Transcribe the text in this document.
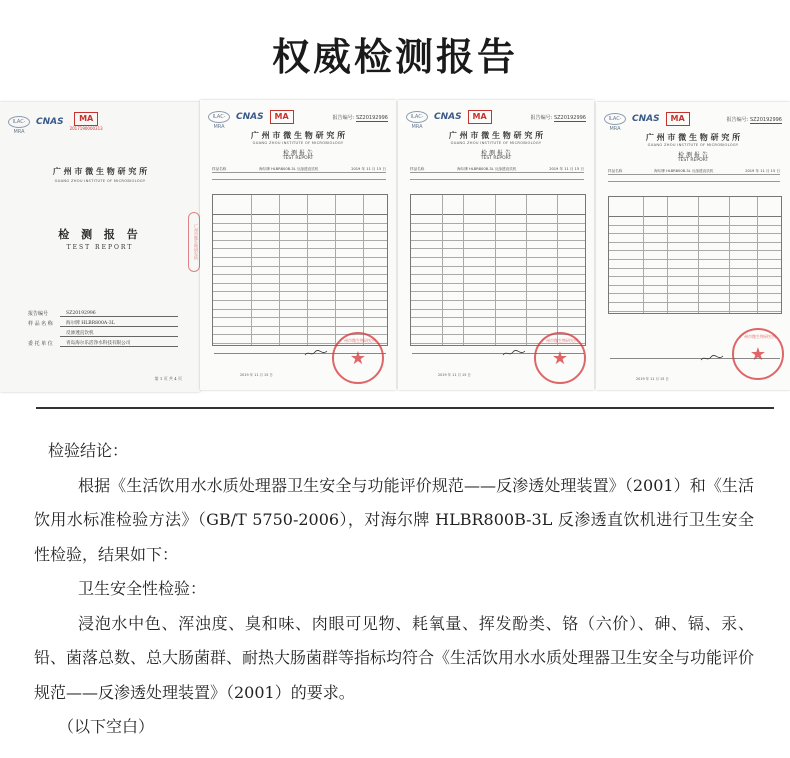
权威检测报告
ILAC-MRA
CNAS	MA
2017190000313
广 州 市 微 生 物 研 究 所
GUANG ZHOU INSTITUTE OF MICROBIOLOGY
检 测 报 告
TEST REPORT
报告编号	SZ20192996
样 品 名 称	海尔牌 HLBR800A-3L
反渗透直饮机
委 托 单 位	青岛海尔乐活净水科技有限公司
第 1 页 共 4 页
广州市微生物研究所
ILAC-MRA
CNAS	MA	报告编号: SZ20192996
广 州 市 微 生 物 研 究 所
GUANG ZHOU INSTITUTE OF MICROBIOLOGY
检 测 报 告
TEST REPORT
样品名称	海尔牌 HLBR800B-3L 反渗透直饮机	2019 年 11 月 15 日

2019 年 11 月 15 日
广州市微生物研究所
★
ILAC-MRA
CNAS	MA	报告编号: SZ20192996
广 州 市 微 生 物 研 究 所
GUANG ZHOU INSTITUTE OF MICROBIOLOGY
检 测 报 告
TEST REPORT
样品名称	海尔牌 HLBR800B-3L 反渗透直饮机	2019 年 11 月 15 日

2019 年 11 月 15 日
广州市微生物研究所
★
ILAC-MRA
CNAS	MA	报告编号: SZ20192996
广 州 市 微 生 物 研 究 所
GUANG ZHOU INSTITUTE OF MICROBIOLOGY
检 测 报 告
TEST REPORT
样品名称	海尔牌 HLBR800B-3L 反渗透直饮机	2019 年 11 月 15 日

2019 年 11 月 15 日
广州市微生物研究所
★

检验结论：

根据《生活饮用水水质处理器卫生安全与功能评价规范——反渗透处理装置》（2001）和《生活饮用水标准检验方法》（GB/T 5750-2006），对海尔牌 HLBR800B-3L 反渗透直饮机进行卫生安全性检验，结果如下：

卫生安全性检验：

浸泡水中色、浑浊度、臭和味、肉眼可见物、耗氧量、挥发酚类、铬（六价）、砷、镉、汞、铅、菌落总数、总大肠菌群、耐热大肠菌群等指标均符合《生活饮用水水质处理器卫生安全与功能评价规范——反渗透处理装置》（2001）的要求。

（以下空白）
